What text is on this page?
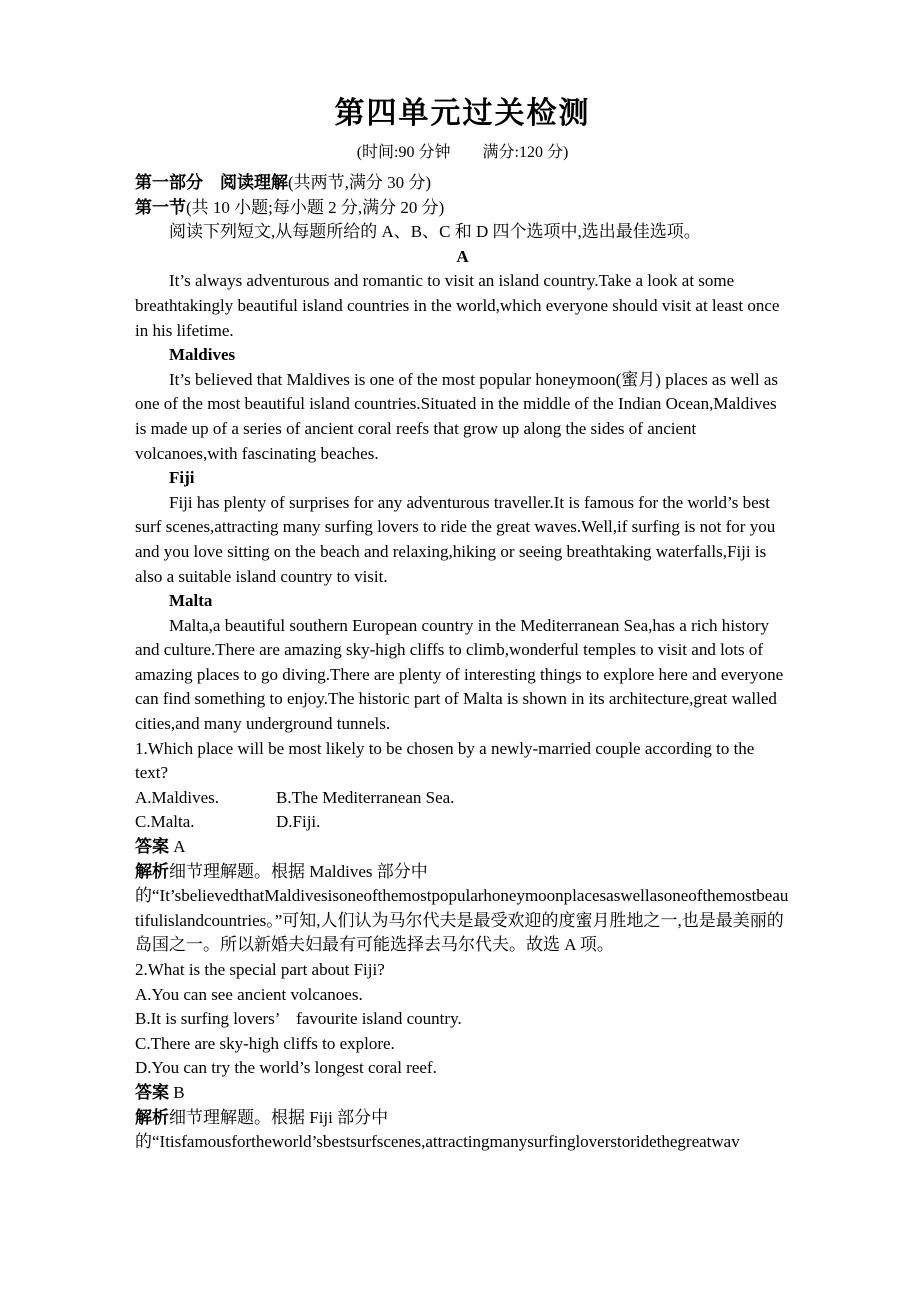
第四单元过关检测
(时间:90 分钟　　满分:120 分)

第一部分　阅读理解(共两节,满分 30 分)

第一节(共 10 小题;每小题 2 分,满分 20 分)

阅读下列短文,从每题所给的 A、B、C 和 D 四个选项中,选出最佳选项。

A

It’s always adventurous and romantic to visit an island country.Take a look at some breathtakingly beautiful island countries in the world,which everyone should visit at least once in his lifetime.

Maldives

It’s believed that Maldives is one of the most popular honeymoon(蜜月) places as well as one of the most beautiful island countries.Situated in the middle of the Indian Ocean,Maldives is made up of a series of ancient coral reefs that grow up along the sides of ancient volcanoes,with fascinating beaches.

Fiji

Fiji has plenty of surprises for any adventurous traveller.It is famous for the world’s best surf scenes,attracting many surfing lovers to ride the great waves.Well,if surfing is not for you and you love sitting on the beach and relaxing,hiking or seeing breathtaking waterfalls,Fiji is also a suitable island country to visit.

Malta

Malta,a beautiful southern European country in the Mediterranean Sea,has a rich history and culture.There are amazing sky-high cliffs to climb,wonderful temples to visit and lots of amazing places to go diving.There are plenty of interesting things to explore here and everyone can find something to enjoy.The historic part of Malta is shown in its architecture,great walled cities,and many underground tunnels.

1.Which place will be most likely to be chosen by a newly-married couple according to the text?

A.Maldives.	B.The Mediterranean Sea.

C.Malta.	D.Fiji.

答案 A

解析细节理解题。根据 Maldives 部分中的“It’sbelievedthatMaldivesisoneofthemostpopularhoneymoonplacesaswellasoneofthemostbeautifulislandcountries。”可知,人们认为马尔代夫是最受欢迎的度蜜月胜地之一,也是最美丽的岛国之一。所以新婚夫妇最有可能选择去马尔代夫。故选 A 项。

2.What is the special part about Fiji?

A.You can see ancient volcanoes.

B.It is surfing lovers’　favourite island country.

C.There are sky-high cliffs to explore.

D.You can try the world’s longest coral reef.

答案 B

解析细节理解题。根据 Fiji 部分中的“Itisfamousfortheworld’sbestsurfscenes,attractingmanysurfingloverstoridethegreatwav
